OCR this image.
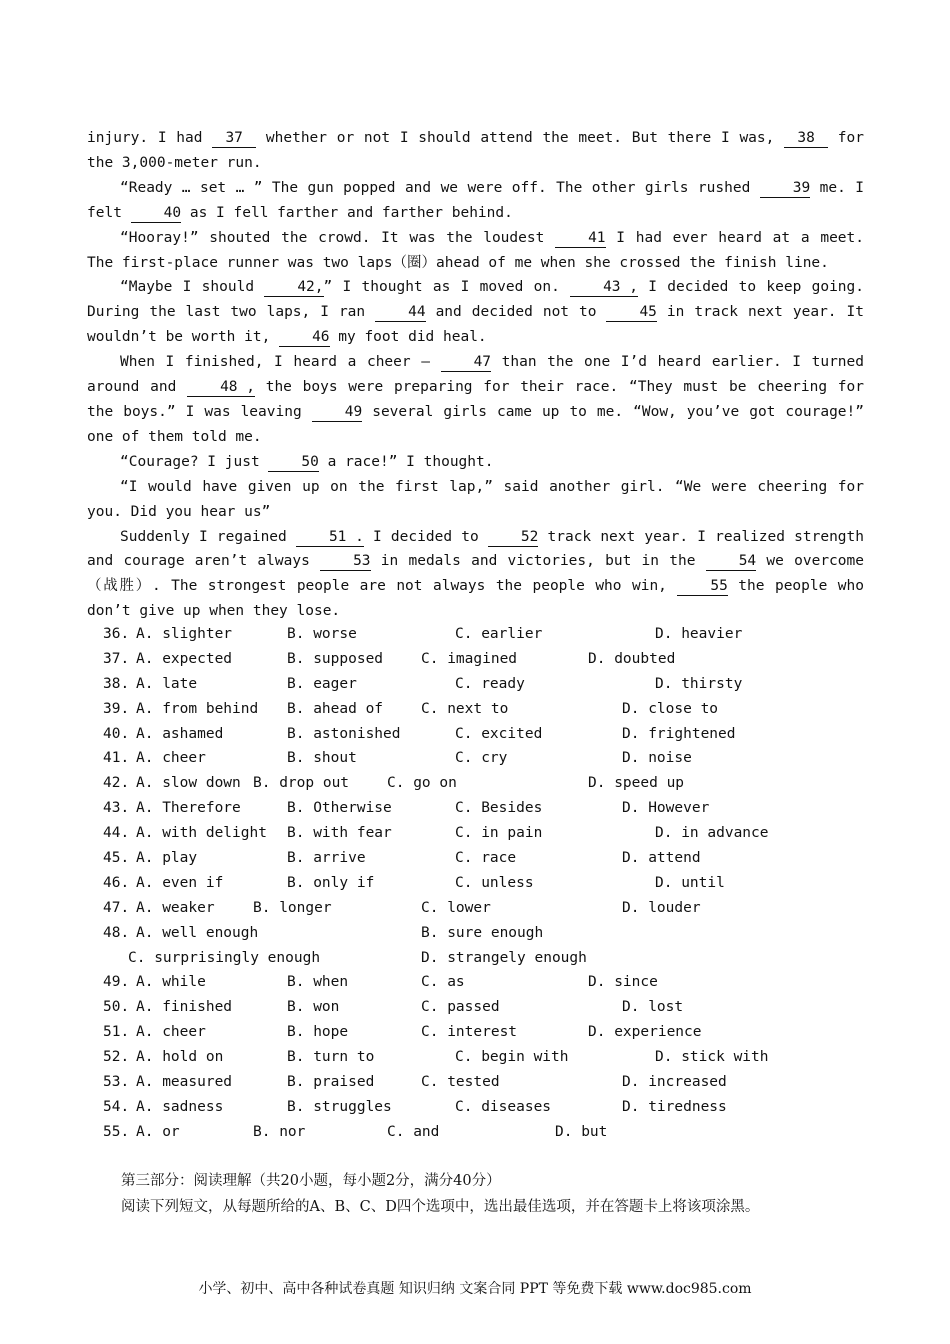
injury. I had 37 whether or not I should attend the meet. But there I was, 38 for the 3,000-meter run.

“Ready … set … ” The gun popped and we were off. The other girls rushed 39 me. I felt 40 as I fell farther and farther behind.

“Hooray!” shouted the crowd. It was the loudest 41 I had ever heard at a meet. The first-place runner was two laps（圈）ahead of me when she crossed the finish line.

“Maybe I should 42,” I thought as I moved on. 43 , I decided to keep going. During the last two laps, I ran 44 and decided not to 45 in track next year. It wouldn’t be worth it, 46 my foot did heal.

When I finished, I heard a cheer — 47 than the one I’d heard earlier. I turned around and 48 , the boys were preparing for their race. “They must be cheering for the boys.” I was leaving 49 several girls came up to me. “Wow, you’ve got courage!” one of them told me.

“Courage? I just 50 a race!” I thought.

“I would have given up on the first lap,” said another girl. “We were cheering for you. Did you hear us”

Suddenly I regained 51 . I decided to 52 track next year. I realized strength and courage aren’t always 53 in medals and victories, but in the 54 we overcome（战胜）. The strongest people are not always the people who win, 55 the people who don’t give up when they lose.

36. A. slighter	B. worse	C. earlier	D. heavier
37. A. expected	B. supposed	C. imagined	D. doubted
38. A. late	B. eager	C. ready	D. thirsty
39. A. from behind B. ahead of	C. next to	D. close to
40. A. ashamed	B. astonished	C. excited	D. frightened
41. A. cheer	B. shout	C. cry	D. noise
42. A. slow down B. drop out	C. go on	D. speed up
43. A. Therefore	B. Otherwise	C. Besides	D. However
44. A. with delight B. with fear	C. in pain	D. in advance
45. A. play	B. arrive	C. race	D. attend
46. A. even if	B. only if	C. unless	D. until
47. A. weaker	B. longer	C. lower	D. louder
48. A. well enough	B. sure enough
C. surprisingly enough	D. strangely enough
49. A. while	B. when	C. as	D. since
50. A. finished	B. won	C. passed	D. lost
51. A. cheer	B. hope	C. interest	D. experience
52. A. hold on	B. turn to	C. begin with	D. stick with
53. A. measured	B. praised	C. tested	D. increased
54. A. sadness	B. struggles	C. diseases	D. tiredness
55. A. or	B. nor	C. and	D. but
第三部分：阅读理解（共20小题，每小题2分，满分40分）
阅读下列短文，从每题所给的A、B、C、D四个选项中，选出最佳选项，并在答题卡上将该项涂黑。
小学、初中、高中各种试卷真题 知识归纳 文案合同 PPT 等免费下载 www.doc985.com
